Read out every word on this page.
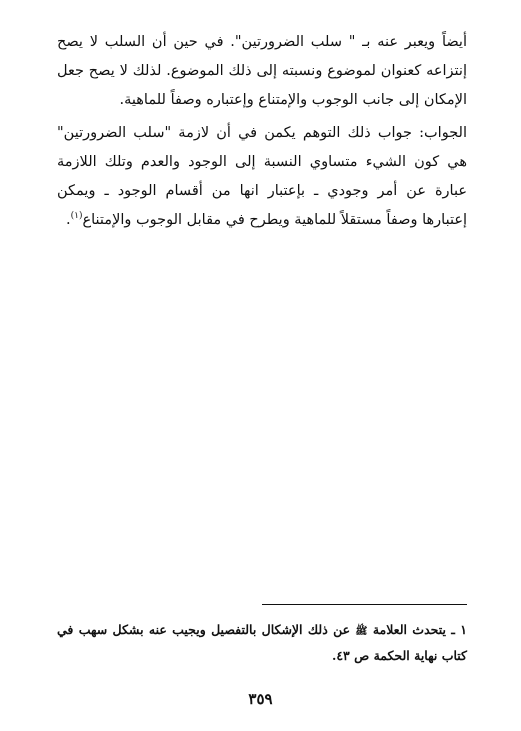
أيضاً ويعبر عنه بـ " سلب الضرورتين". في حين أن السلب لا يصح إنتزاعه كعنوان لموضوع ونسبته إلى ذلك الموضوع. لذلك لا يصح جعل الإمكان إلى جانب الوجوب والإمتناع وإعتباره وصفاً للماهية.

الجواب: جواب ذلك التوهم يكمن في أن لازمة "سلب الضرورتين" هي كون الشيء متساوي النسبة إلى الوجود والعدم وتلك اللازمة عبارة عن أمر وجودي ـ بإعتبار انها من أقسام الوجود ـ ويمكن إعتبارها وصفاً مستقلاً للماهية ويطرح في مقابل الوجوب والإمتناع$^{(١)}$.

١ ـ يتحدث العلامة ﷺ عن ذلك الإشكال بالتفصيل ويجيب عنه بشكل سهب في كتاب نهاية الحكمة ص ٤٣.

٣٥٩
